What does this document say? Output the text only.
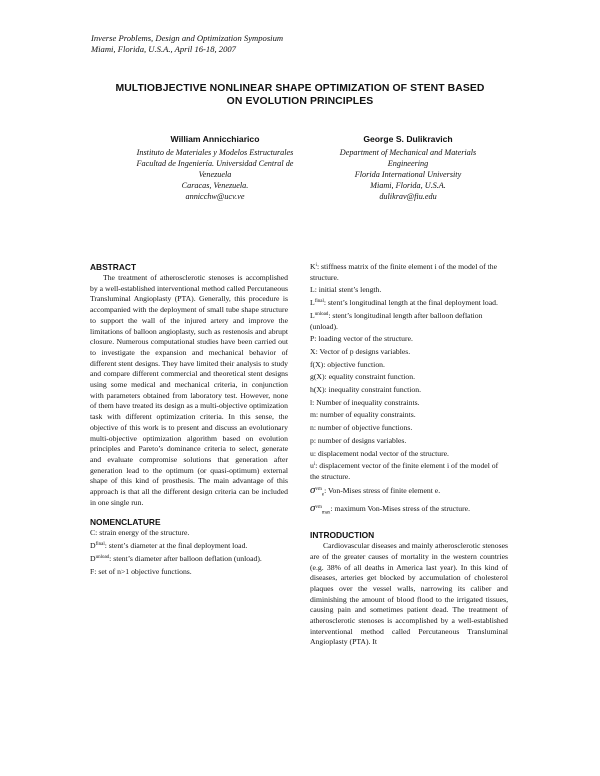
Inverse Problems, Design and Optimization Symposium
Miami, Florida, U.S.A., April 16-18, 2007
MULTIOBJECTIVE NONLINEAR SHAPE OPTIMIZATION OF STENT BASED
ON EVOLUTION PRINCIPLES
William Annicchiarico
Instituto de Materiales y Modelos Estructurales
Facultad de Ingeniería. Universidad Central de
Venezuela
Caracas, Venezuela.
annicchw@ucv.ve
George S. Dulikravich
Department of Mechanical and Materials
Engineering
Florida International University
Miami, Florida, U.S.A.
dulikrav@fiu.edu
ABSTRACT

The treatment of atherosclerotic stenoses is accomplished by a well-established interventional method called Percutaneous Transluminal Angioplasty (PTA). Generally, this procedure is accompanied with the deployment of small tube shape structure to support the wall of the injured artery and improve the limitations of balloon angioplasty, such as restenosis and abrupt closure. Numerous computational studies have been carried out to investigate the expansion and mechanical behavior of different stent designs. They have limited their analysis to study and compare different commercial and theoretical stent designs using some medical and mechanical criteria, in conjunction with parameters obtained from laboratory test. However, none of them have treated its design as a multi-objective optimization task with different optimization criteria. In this sense, the objective of this work is to present and discuss an evolutionary multi-objective optimization algorithm based on evolution principles and Pareto’s dominance criteria to select, generate and evaluate compromise solutions that generation after generation lead to the optimum (or quasi-optimum) external shape of this kind of prosthesis. The main advantage of this approach is that all the different design criteria can be included in one single run.

NOMENCLATURE

C: strain energy of the structure.

$D^{final}$: stent’s diameter at the final deployment load.

$D^{unload}$: stent’s diameter after balloon deflation (unload).

F: set of n>1 objective functions.

$K^i$: stiffness matrix of the finite element i of the model of the structure.

L: initial stent’s length.

$L^{final}$: stent’s longitudinal length at the final deployment load.

$L^{unload}$: stent’s longitudinal length after balloon deflation (unload).

P: loading vector of the structure.

X: Vector of p designs variables.

f(X): objective function.

g(X): equality constraint function.

h(X): inequality constraint function.

l: Number of inequality constraints.

m: number of equality constraints.

n: number of objective functions.

p: number of designs variables.

u: displacement nodal vector of the structure.

$u^i$: displacement vector of the finite element i of the model of the structure.

$\sigma^{vm}_e$: Von-Mises stress of finite element e.

$\sigma^{vm}_{max}$: maximum Von-Mises stress of the structure.

INTRODUCTION

Cardiovascular diseases and mainly atherosclerotic stenoses are of the greater causes of mortality in the western countries (e.g. 38% of all deaths in America last year). In this kind of diseases, arteries get blocked by accumulation of cholesterol plaques over the vessel walls, narrowing its caliber and diminishing the amount of blood flood to the irrigated tissues, causing pain and sometimes patient dead. The treatment of atherosclerotic stenoses is accomplished by a well-established interventional method called Percutaneous Transluminal Angioplasty (PTA). It
